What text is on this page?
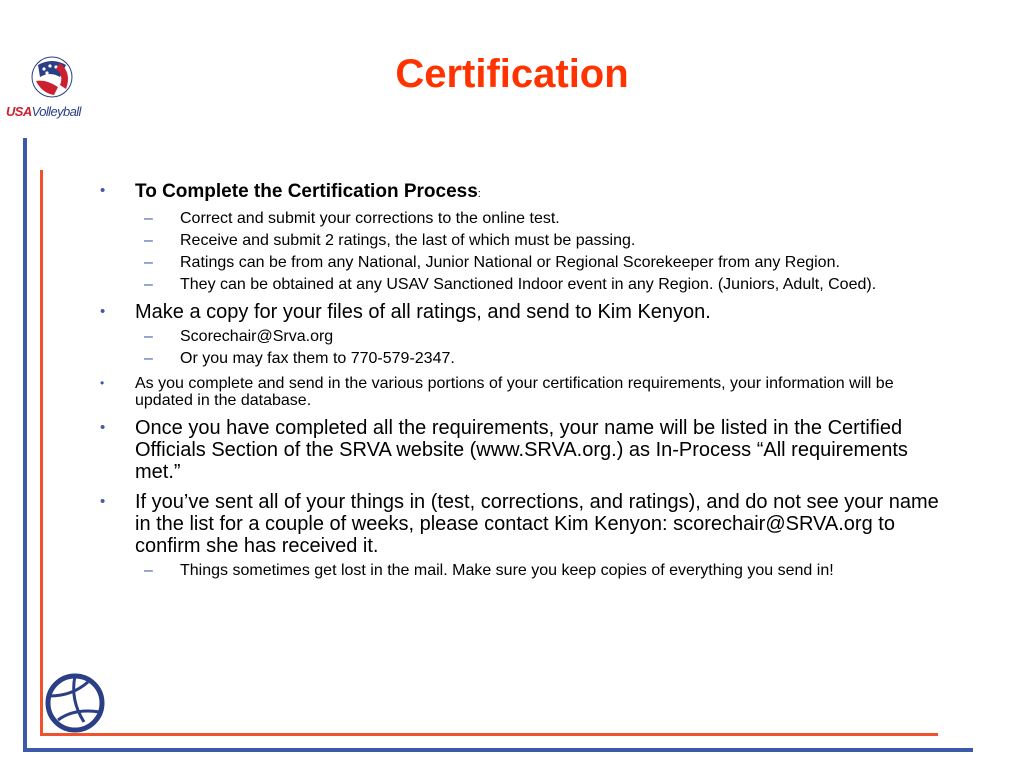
Certification
USAVolleyball
• To Complete the Certification Process:
– Correct and submit your corrections to the online test.
– Receive and submit 2 ratings, the last of which must be passing.
– Ratings can be from any National, Junior National or Regional Scorekeeper from any Region.
– They can be obtained at any USAV Sanctioned Indoor event in any Region. (Juniors, Adult, Coed).
• Make a copy for your files of all ratings, and send to Kim Kenyon.
– Scorechair@Srva.org
– Or you may fax them to 770-579-2347.
• As you complete and send in the various portions of your certification requirements, your information will be updated in the database.
• Once you have completed all the requirements, your name will be listed in the Certified Officials Section of the SRVA website (www.SRVA.org.) as In-Process “All requirements met.”
• If you’ve sent all of your things in (test, corrections, and ratings), and do not see your name in the list for a couple of weeks, please contact Kim Kenyon: scorechair@SRVA.org to confirm she has received it.
– Things sometimes get lost in the mail. Make sure you keep copies of everything you send in!
